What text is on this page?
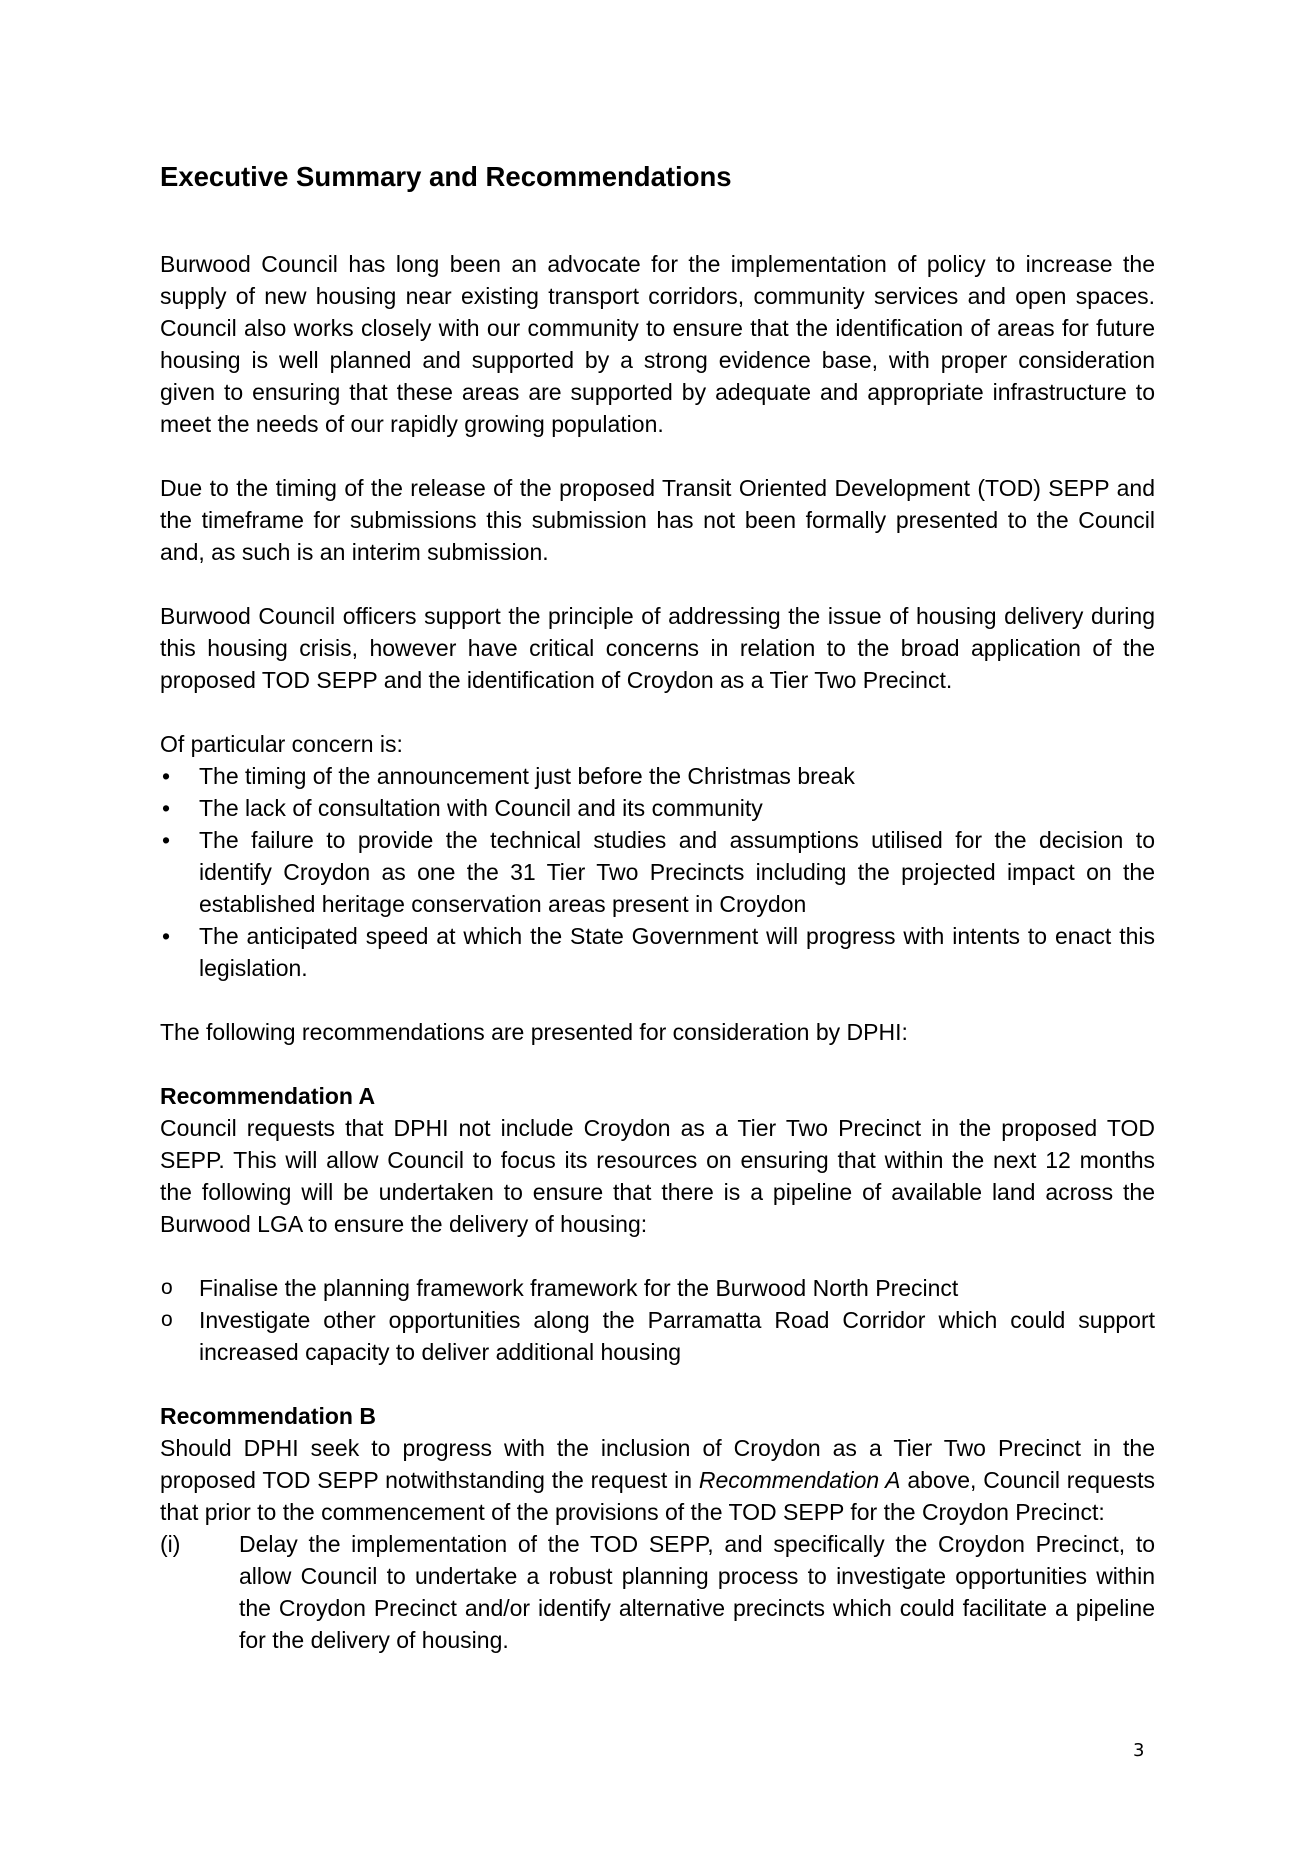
Executive Summary and Recommendations

Burwood Council has long been an advocate for the implementation of policy to increase the supply of new housing near existing transport corridors, community services and open spaces. Council also works closely with our community to ensure that the identification of areas for future housing is well planned and supported by a strong evidence base, with proper consideration given to ensuring that these areas are supported by adequate and appropriate infrastructure to meet the needs of our rapidly growing population.

Due to the timing of the release of the proposed Transit Oriented Development (TOD) SEPP and the timeframe for submissions this submission has not been formally presented to the Council and, as such is an interim submission.

Burwood Council officers support the principle of addressing the issue of housing delivery during this housing crisis, however have critical concerns in relation to the broad application of the proposed TOD SEPP and the identification of Croydon as a Tier Two Precinct.

Of particular concern is:

•	The timing of the announcement just before the Christmas break
•	The lack of consultation with Council and its community
•	The failure to provide the technical studies and assumptions utilised for the decision to identify Croydon as one the 31 Tier Two Precincts including the projected impact on the established heritage conservation areas present in Croydon
•	The anticipated speed at which the State Government will progress with intents to enact this legislation.

The following recommendations are presented for consideration by DPHI:

Recommendation A

Council requests that DPHI not include Croydon as a Tier Two Precinct in the proposed TOD SEPP. This will allow Council to focus its resources on ensuring that within the next 12 months the following will be undertaken to ensure that there is a pipeline of available land across the Burwood LGA to ensure the delivery of housing:

o Finalise the planning framework framework for the Burwood North Precinct
o Investigate other opportunities along the Parramatta Road Corridor which could support increased capacity to deliver additional housing

Recommendation B

Should DPHI seek to progress with the inclusion of Croydon as a Tier Two Precinct in the proposed TOD SEPP notwithstanding the request in Recommendation A above, Council requests that prior to the commencement of the provisions of the TOD SEPP for the Croydon Precinct:

(i)	Delay the implementation of the TOD SEPP, and specifically the Croydon Precinct, to allow Council to undertake a robust planning process to investigate opportunities within the Croydon Precinct and/or identify alternative precincts which could facilitate a pipeline for the delivery of housing.
3
